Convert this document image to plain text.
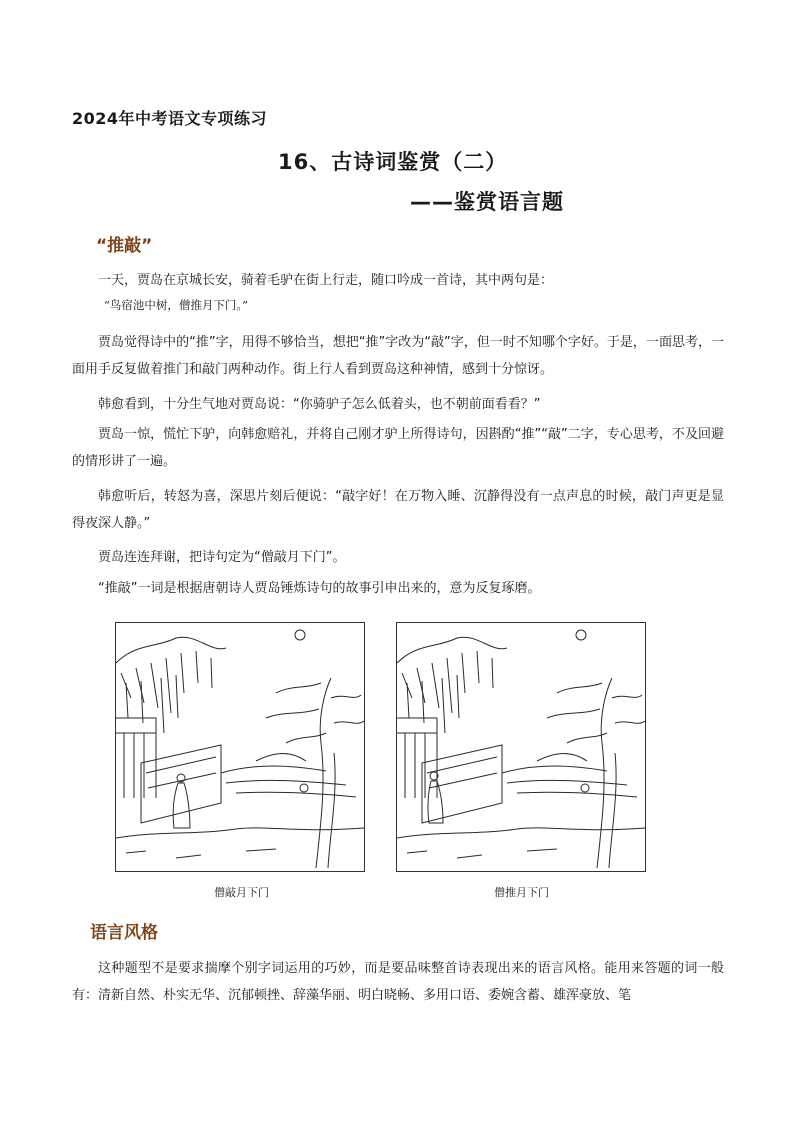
2024年中考语文专项练习
16、古诗词鉴赏（二）
——鉴赏语言题
“推敲”

一天，贾岛在京城长安，骑着毛驴在街上行走，随口吟成一首诗，其中两句是：

“鸟宿池中树，僧推月下门。”

贾岛觉得诗中的“推”字，用得不够恰当，想把“推”字改为“敲”字，但一时不知哪个字好。于是，一面思考，一面用手反复做着推门和敲门两种动作。街上行人看到贾岛这种神情，感到十分惊讶。

韩愈看到，十分生气地对贾岛说：“你骑驴子怎么低着头，也不朝前面看看？”

贾岛一惊，慌忙下驴，向韩愈赔礼，并将自己刚才驴上所得诗句，因斟酌“推”“敲”二字，专心思考，不及回避的情形讲了一遍。

韩愈听后，转怒为喜，深思片刻后便说：“敲字好！在万物入睡、沉静得没有一点声息的时候，敲门声更是显得夜深人静。”

贾岛连连拜谢，把诗句定为“僧敲月下门”。

“推敲”一词是根据唐朝诗人贾岛锤炼诗句的故事引申出来的，意为反复琢磨。

僧敲月下门	僧推月下门
语言风格

这种题型不是要求揣摩个别字词运用的巧妙，而是要品味整首诗表现出来的语言风格。能用来答题的词一般有：清新自然、朴实无华、沉郁顿挫、辞藻华丽、明白晓畅、多用口语、委婉含蓄、雄浑豪放、笔
